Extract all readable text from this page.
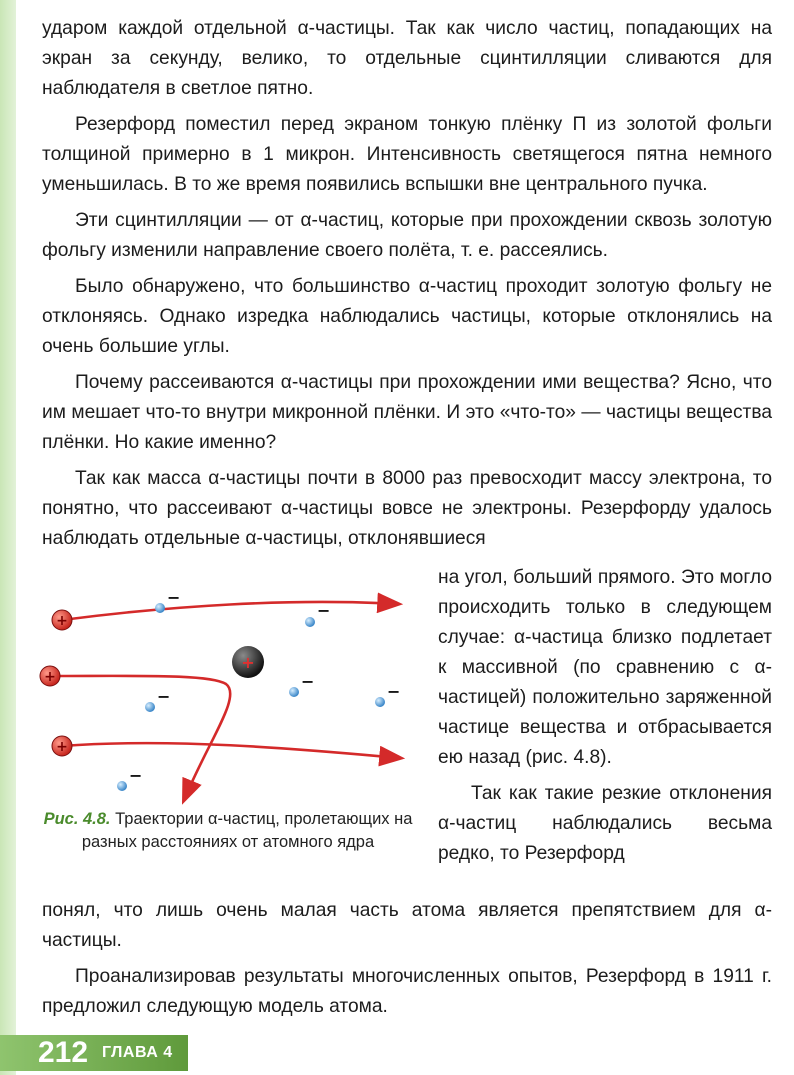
ударом каждой отдельной α-частицы. Так как число частиц, попадающих на экран за секунду, велико, то отдельные сцинтилляции сливаются для наблюдателя в светлое пятно.

Резерфорд поместил перед экраном тонкую плёнку П из золотой фольги толщиной примерно в 1 микрон. Интенсивность светящегося пятна немного уменьшилась. В то же время появились вспышки вне центрального пучка.

Эти сцинтилляции — от α-частиц, которые при прохождении сквозь золотую фольгу изменили направление своего полёта, т. е. рассеялись.

Было обнаружено, что большинство α-частиц проходит золотую фольгу не отклоняясь. Однако изредка наблюдались частицы, которые отклонялись на очень большие углы.

Почему рассеиваются α-частицы при прохождении ими вещества? Ясно, что им мешает что-то внутри микронной плёнки. И это «что-то» — частицы вещества плёнки. Но какие именно?

Так как масса α-частицы почти в 8000 раз превосходит массу электрона, то понятно, что рассеивают α-частицы вовсе не электроны. Резерфорду удалось наблюдать отдельные α-частицы, отклонявшиеся

+
+
+
+
−
−
−
−
−
−
Рис. 4.8. Траектории α-частиц, пролетающих на разных расстояниях от атомного ядра

на угол, больший прямого. Это могло происходить только в следующем случае: α-частица близко подлетает к массивной (по сравнению с α-частицей) положительно заряженной частице вещества и отбрасывается ею назад (рис. 4.8).

Так как такие резкие отклонения α-частиц наблюдались весьма редко, то Резерфорд

понял, что лишь очень малая часть атома является препятствием для α-частицы.

Проанализировав результаты многочисленных опытов, Резерфорд в 1911 г. предложил следующую модель атома.

212 ГЛАВА 4
